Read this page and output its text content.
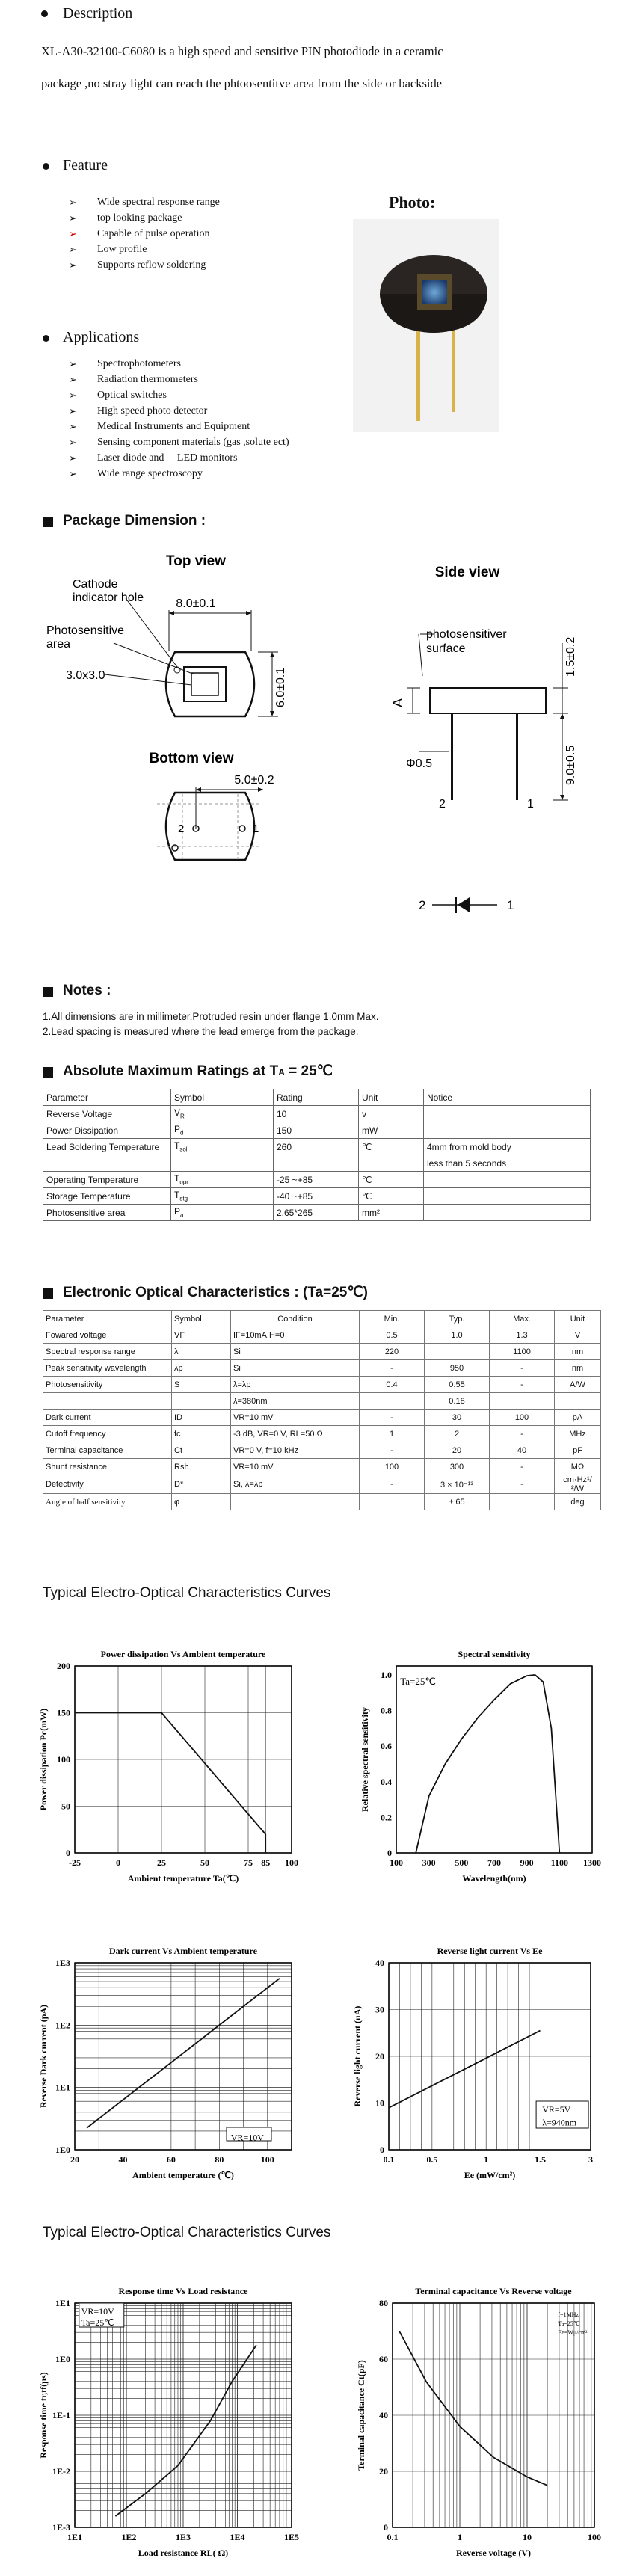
Description
XL-A30-32100-C6080 is a high speed and sensitive PIN photodiode in a ceramic
package ,no stray light can reach the phtoosentitve area from the side or backside
Feature
➢ Wide spectral response range
➢ top looking package
➢ Capable of pulse operation
➢ Low profile
➢ Supports reflow soldering
Photo:
Applications
➢ Spectrophotometers
➢ Radiation thermometers
➢ Optical switches
➢ High speed photo detector
➢ Medical Instruments and Equipment
➢ Sensing component materials (gas ,solute ect)
➢ Laser diode and     LED monitors
➢ Wide range spectroscopy
Package Dimension :
Top view
Cathode
indicator hole
Photosensitive
area
3.0x3.0
8.0±0.1
6.0±0.1
Bottom view
5.0±0.2
2	1
Side view
photosensitiver
surface
A
2	1
Φ0.5
1.5±0.2
9.0±0.5
2	1
Notes :
1.All dimensions are in millimeter.Protruded resin under flange 1.0mm Max.
2.Lead spacing is measured where the lead emerge from the package.
Absolute Maximum Ratings at TA = 25℃
Parameter	Symbol	Rating	Unit	Notice
Reverse Voltage	$V_R$	10	v	
Power Dissipation	$P_d$	150	mW	
Lead Soldering Temperature	$T_{sol}$	260	℃	4mm from mold body
				less than 5 seconds
Operating Temperature	$T_{opr}$	-25 ~+85	℃	
Storage Temperature	$T_{stg}$	-40 ~+85	℃	
Photosensitive area	$P_a$	2.65*265	mm²	
Electronic Optical Characteristics : (Ta=25℃)
Parameter	Symbol	Condition	Min.	Typ.	Max.	Unit
Fowared voltage	VF	IF=10mA,H=0	0.5	1.0	1.3	V
Spectral response range	λ	Si	220		1100	nm
Peak sensitivity wavelength	λp	Si	-	950	-	nm
Photosensitivity	S	λ=λp	0.4	0.55	-	A/W
		λ=380nm		0.18		
Dark current	ID	VR=10 mV	-	30	100	pA
Cutoff frequency	fc	-3 dB, VR=0 V, RL=50 Ω	1	2	-	MHz
Terminal capacitance	Ct	VR=0 V, f=10 kHz	-	20	40	pF
Shunt resistance	Rsh	VR=10 mV	100	300	-	MΩ
Detectivity	D*	Si, λ=λp	-	3 × 10⁻¹³	-	cm·Hz¹/²/W
Angle of half sensitivity	φ			± 65		deg
Typical Electro-Optical Characteristics Curves
Typical Electro-Optical Characteristics Curves
Power dissipation Vs Ambient temperature
-25	0	25	50	75 85 100
0
50
100
150
200
Ambient temperature Ta(℃)
Power dissipation Pc(mW)
Spectral sensitivity
100 300 500 700 900 1100 1300
0
0.2
0.4
0.6
0.8
1.0
Wavelength(nm)
Relative spectral sensitivity
Ta=25℃
Dark current Vs Ambient temperature
20	40	60	80	100
1E0
1E1
1E2
1E3
Ambient temperature (℃)
Reverse Dark current (pA)
VR=10V
Reverse light current Vs Ee
0.1	0.5	1	1.5	3
0
10
20
30
40
Ee (mW/cm²)
Reverse light current (uA)
VR=5V
λ=940nm
Response time Vs Load resistance
1E1	1E2	1E3	1E4	1E5
1E-3
1E-2
1E-1
1E0
1E1
Load resistance RL( Ω)
Response time tr,tf(μs)
VR=10V
Ta=25℃
Terminal capacitance Vs Reverse voltage
0.1	1	10	100
0
20
40
60
80
Reverse voltage (V)
Terminal capacitance Ct(pF)
f=1MHz
Ta=25℃
Ee=Wμ/cm²
